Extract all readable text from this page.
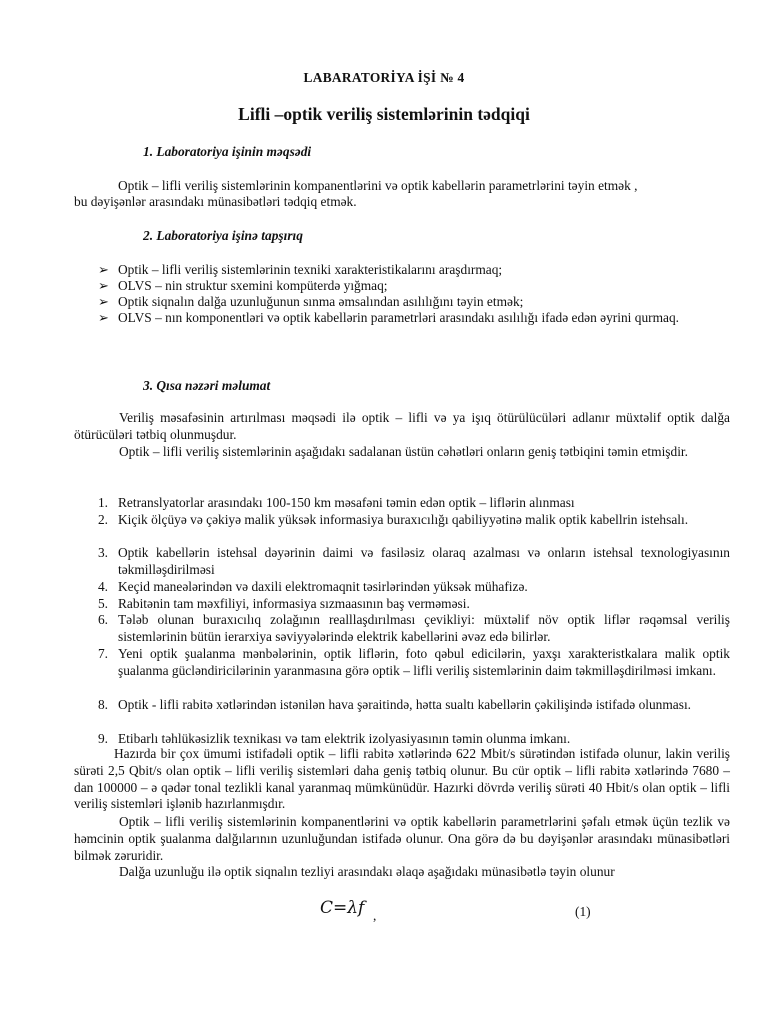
LABARATORİYA İŞİ № 4
Lifli –optik veriliş sistemlərinin tədqiqi
1. Laboratoriya işinin məqsədi
Optik – lifli veriliş sistemlərinin kompanentlərini və optik kabellərin parametrlərini təyin etmək ,
bu dəyişənlər arasındakı münasibətləri tədqiq etmək.
2. Laboratoriya işinə tapşırıq
➢ Optik – lifli veriliş sistemlərinin texniki xarakteristikalarını araşdırmaq;
➢ OLVS – nin struktur sxemini kompüterdə yığmaq;
➢ Optik siqnalın dalğa uzunluğunun sınma əmsalından asılılığını təyin etmək;
➢ OLVS – nın komponentləri və optik kabellərin parametrləri arasındakı asılılığı ifadə edən əyrini qurmaq.
3. Qısa nəzəri məlumat
Veriliş məsafəsinin artırılması məqsədi ilə optik – lifli və ya işıq ötürülücüləri adlanır müxtəlif optik dalğa ötürücüləri tətbiq olunmuşdur.
Optik – lifli veriliş sistemlərinin aşağıdakı sadalanan üstün cəhətləri onların geniş tətbiqini təmin etmişdir.
1. Retranslyatorlar arasındakı 100-150 km məsafəni təmin edən optik – liflərin alınması
2. Kiçik ölçüyə və çəkiyə malik yüksək informasiya buraxıcılığı qabiliyyətinə malik optik kabellrin istehsalı.
3. Optik kabellərin istehsal dəyərinin daimi və fasiləsiz olaraq azalması və onların istehsal texnologiyasının təkmilləşdirilməsi
4. Keçid manеələrindən və daxili elektromaqnit təsirlərindən yüksək mühafizə.
5. Rabitənin tam məxfiliyi, informasiya sızmaasının baş verməməsi.
6. Tələb olunan buraxıcılıq zolağının realllaşdırılması çevikliyi: müxtəlif növ optik liflər rəqəmsal veriliş sistemlərinin bütün ierarxiya səviyyələrində elektrik kabellərini əvəz edə bilirlər.
7. Yeni optik şualanma mənbələrinin, optik liflərin, foto qəbul edicilərin, yaxşı xarakteristkalara malik optik şualanma gücləndiricilərinin yaranmasına görə optik – lifli veriliş sistemlərinin daim təkmilləşdirilməsi imkanı.
8. Optik - lifli rabitə xətlərindən istənilən hava şəraitində, hətta sualtı kabellərin çəkilişində istifadə olunması.
9. Etibarlı təhlükəsizlik texnikası və tam elektrik izolyasiyasının təmin olunma imkanı.
Hazırda bir çox ümumi istifadəli optik – lifli rabitə xətlərində 622 Mbit/s sürətindən istifadə olunur, lakin veriliş sürəti 2,5 Qbit/s olan optik – lifli veriliş sistemləri daha geniş tətbiq olunur. Bu cür optik – lifli rabitə xətlərində 7680 – dan 100000 – ə qədər tonal tezlikli kanal yaranmaq mümkünüdür. Hazırki dövrdə veriliş sürəti 40 Hbit/s olan optik – lifli veriliş sistemləri işlənib hazırlanmışdır.
Optik – lifli veriliş sistemlərinin kompanentlərini və optik kabellərin parametrlərini şəfalı etmək üçün tezlik və həmcinin optik şualanma dalğılarının uzunluğundan istifadə olunur. Ona görə də bu dəyişənlər arasındakı münasibətləri bilmək zəruridir.
Dalğa uzunluğu ilə optik siqnalın tezliyi arasındakı əlaqə aşağıdakı münasibətlə təyin olunur
C=λf ,	(1)
